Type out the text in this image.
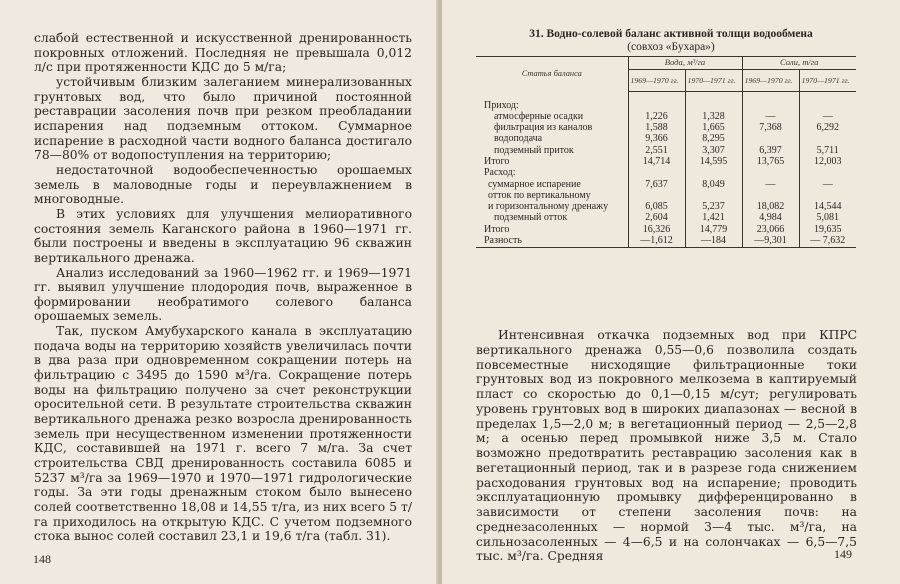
слабой естественной и искусственной дренированность покровных отложений. Последняя не превышала 0,012 л/с при протяженности КДС до 5 м/га;

устойчивым близким залеганием минерализованных грунтовых вод, что было причиной постоянной реставрации засоления почв при резком преобладании испарения над подземным оттоком. Суммарное испарение в расходной части водного баланса достигало 78—80% от водопоступления на территорию;

недостаточной водообеспеченностью орошаемых земель в маловодные годы и переувлажнением в многоводные.

В этих условиях для улучшения мелиоративного состояния земель Каганского района в 1960—1971 гг. были построены и введены в эксплуатацию 96 скважин вертикального дренажа.

Анализ исследований за 1960—1962 гг. и 1969—1971 гг. выявил улучшение плодородия почв, выраженное в формировании необратимого солевого баланса орошаемых земель.

Так, пуском Амубухарского канала в эксплуатацию подача воды на территорию хозяйств увеличилась почти в два раза при одновременном сокращении потерь на фильтрацию с 3495 до 1590 м³/га. Сокращение потерь воды на фильтрацию получено за счет реконструкции оросительной сети. В результате строительства скважин вертикального дренажа резко возросла дренированность земель при несущественном изменении протяженности КДС, составившей на 1971 г. всего 7 м/га. За счет строительства СВД дренированность составила 6085 и 5237 м³/га за 1969—1970 и 1970—1971 гидрологические годы. За эти годы дренажным стоком было вынесено солей соответственно 18,08 и 14,55 т/га, из них всего 5 т/га приходилось на открытую КДС. С учетом подземного стока вынос солей составил 23,1 и 19,6 т/га (табл. 31).

148
31. Водно-солевой баланс активной толщи водообмена
(совхоз «Бухара»)
Статья баланса	Вода, м³/га		Соли, т/га	
	1969—1970 гг.	1970—1971 гг.	1969—1970 гг.	1970—1971 гг.

Приход:				
атмосферные осадки	1,226	1,328	—	—
фильтрация из каналов	1,588	1,665	7,368	6,292
водоподача	9,366	8,295		
подземный приток	2,551	3,307	6,397	5,711
Итого	14,714	14,595	13,765	12,003
Расход:				
суммарное испарение	7,637	8,049	—	—
отток по вертикальному				
и горизонтальному дренажу	6,085	5,237	18,082	14,544
подземный отток	2,604	1,421	4,984	5,081
Итого	16,326	14,779	23,066	19,635
Разность	—1,612	—184	—9,301	— 7,632

Интенсивная откачка подземных вод при КПРС вертикального дренажа 0,55—0,6 позволила создать повсеместные нисходящие фильтрационные токи грунтовых вод из покровного мелкозема в каптируемый пласт со скоростью до 0,1—0,15 м/сут; регулировать уровень грунтовых вод в широких диапазонах — весной в пределах 1,5—2,0 м; в вегетационный период — 2,5—2,8 м; а осенью перед промывкой ниже 3,5 м. Стало возможно предотвратить реставрацию засоления как в вегетационный период, так и в разрезе года снижением расходования грунтовых вод на испарение; проводить эксплуатационную промывку дифференцированно в зависимости от степени засоления почв: на среднезасоленных — нормой 3—4 тыс. м³/га, на сильнозасоленных — 4—6,5 и на солончаках — 6,5—7,5 тыс. м³/га. Средняя	149
